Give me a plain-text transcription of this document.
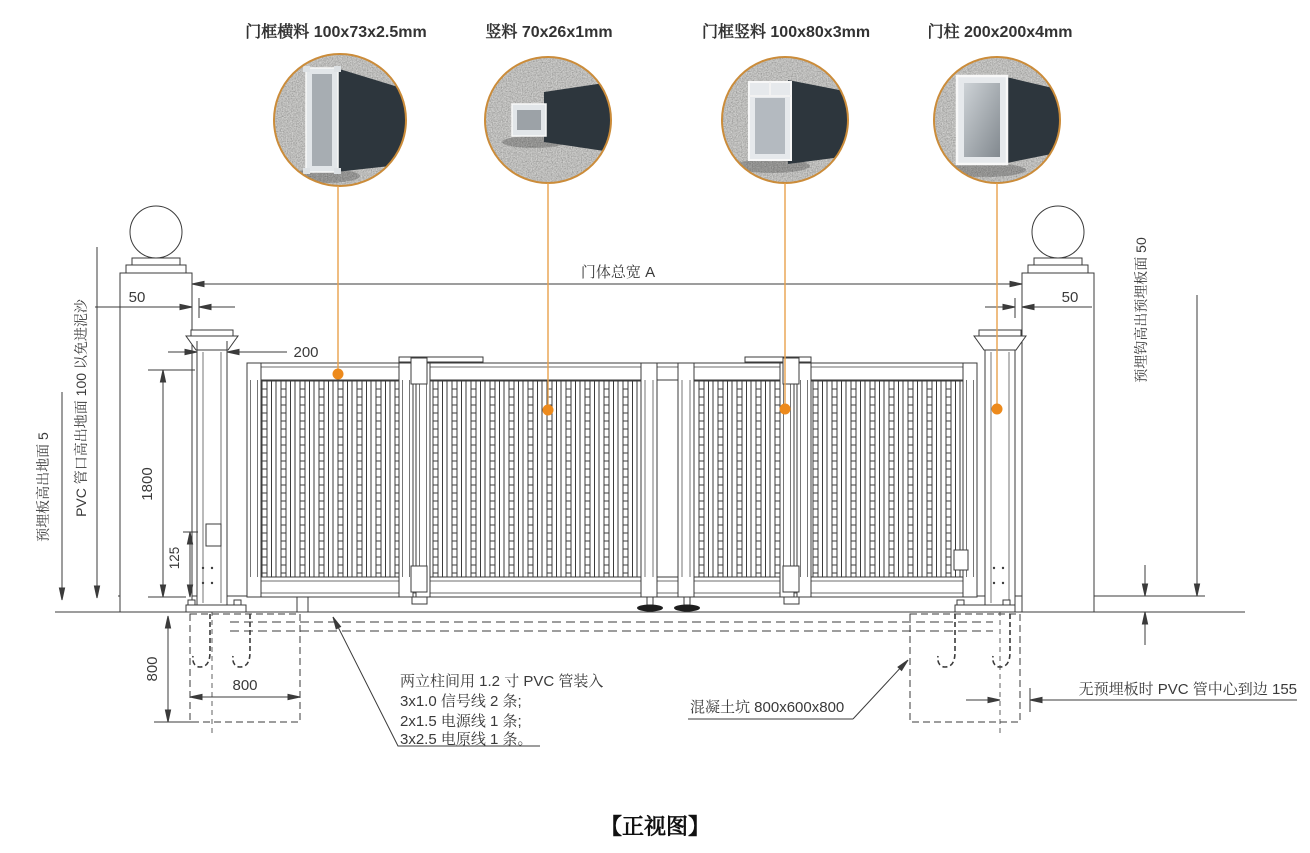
门框横料 100x73x2.5mm	竖料 70x26x1mm	门框竖料 100x80x3mm	门柱 200x200x4mm
门体总宽 A
50	50
200
1800
125
800
800
预埋板高出地面 5 PVC 管口高出地面 100 以免进泥沙	预埋钩高出预埋板面 50
两立柱间用 1.2 寸 PVC 管装入
3x1.0 信号线 2 条;
2x1.5 电源线 1 条;
3x2.5 电原线 1 条。
混凝土坑 800x600x800
无预埋板时 PVC 管中心到边 155
【正视图】
